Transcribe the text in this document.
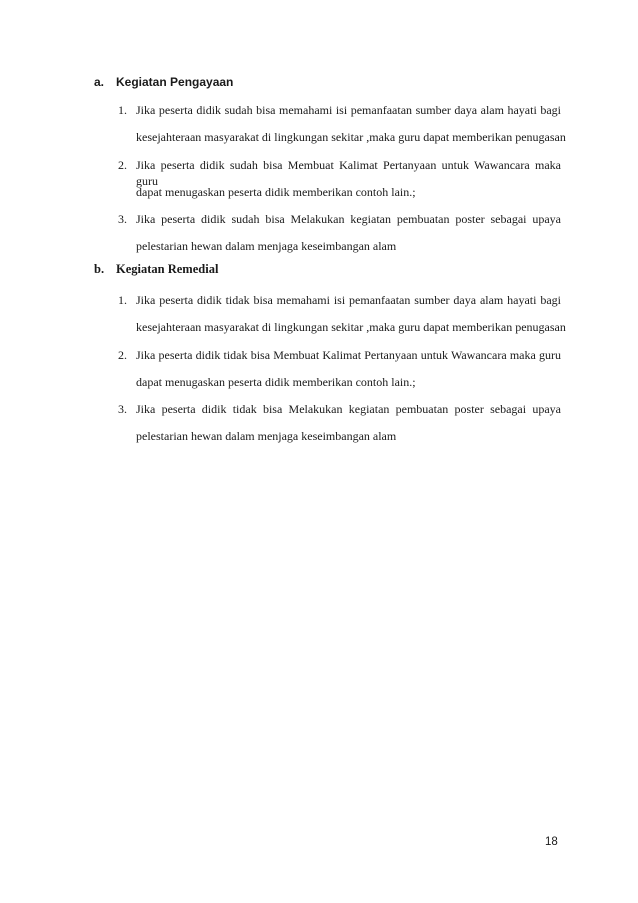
a. Kegiatan Pengayaan
1. Jika peserta didik sudah bisa memahami isi pemanfaatan sumber daya alam hayati bagi
kesejahteraan masyarakat di lingkungan sekitar ,maka guru dapat memberikan penugasan
2. Jika peserta didik sudah bisa Membuat Kalimat Pertanyaan untuk Wawancara maka guru
dapat menugaskan peserta didik memberikan contoh lain.;
3. Jika peserta didik sudah bisa Melakukan kegiatan pembuatan poster sebagai upaya
pelestarian hewan dalam menjaga keseimbangan alam
b. Kegiatan Remedial
1. Jika peserta didik tidak bisa memahami isi pemanfaatan sumber daya alam hayati bagi
kesejahteraan masyarakat di lingkungan sekitar ,maka guru dapat memberikan penugasan
2. Jika peserta didik tidak bisa Membuat Kalimat Pertanyaan untuk Wawancara maka guru
dapat menugaskan peserta didik memberikan contoh lain.;
3. Jika peserta didik tidak bisa Melakukan kegiatan pembuatan poster sebagai upaya
pelestarian hewan dalam menjaga keseimbangan alam
18
